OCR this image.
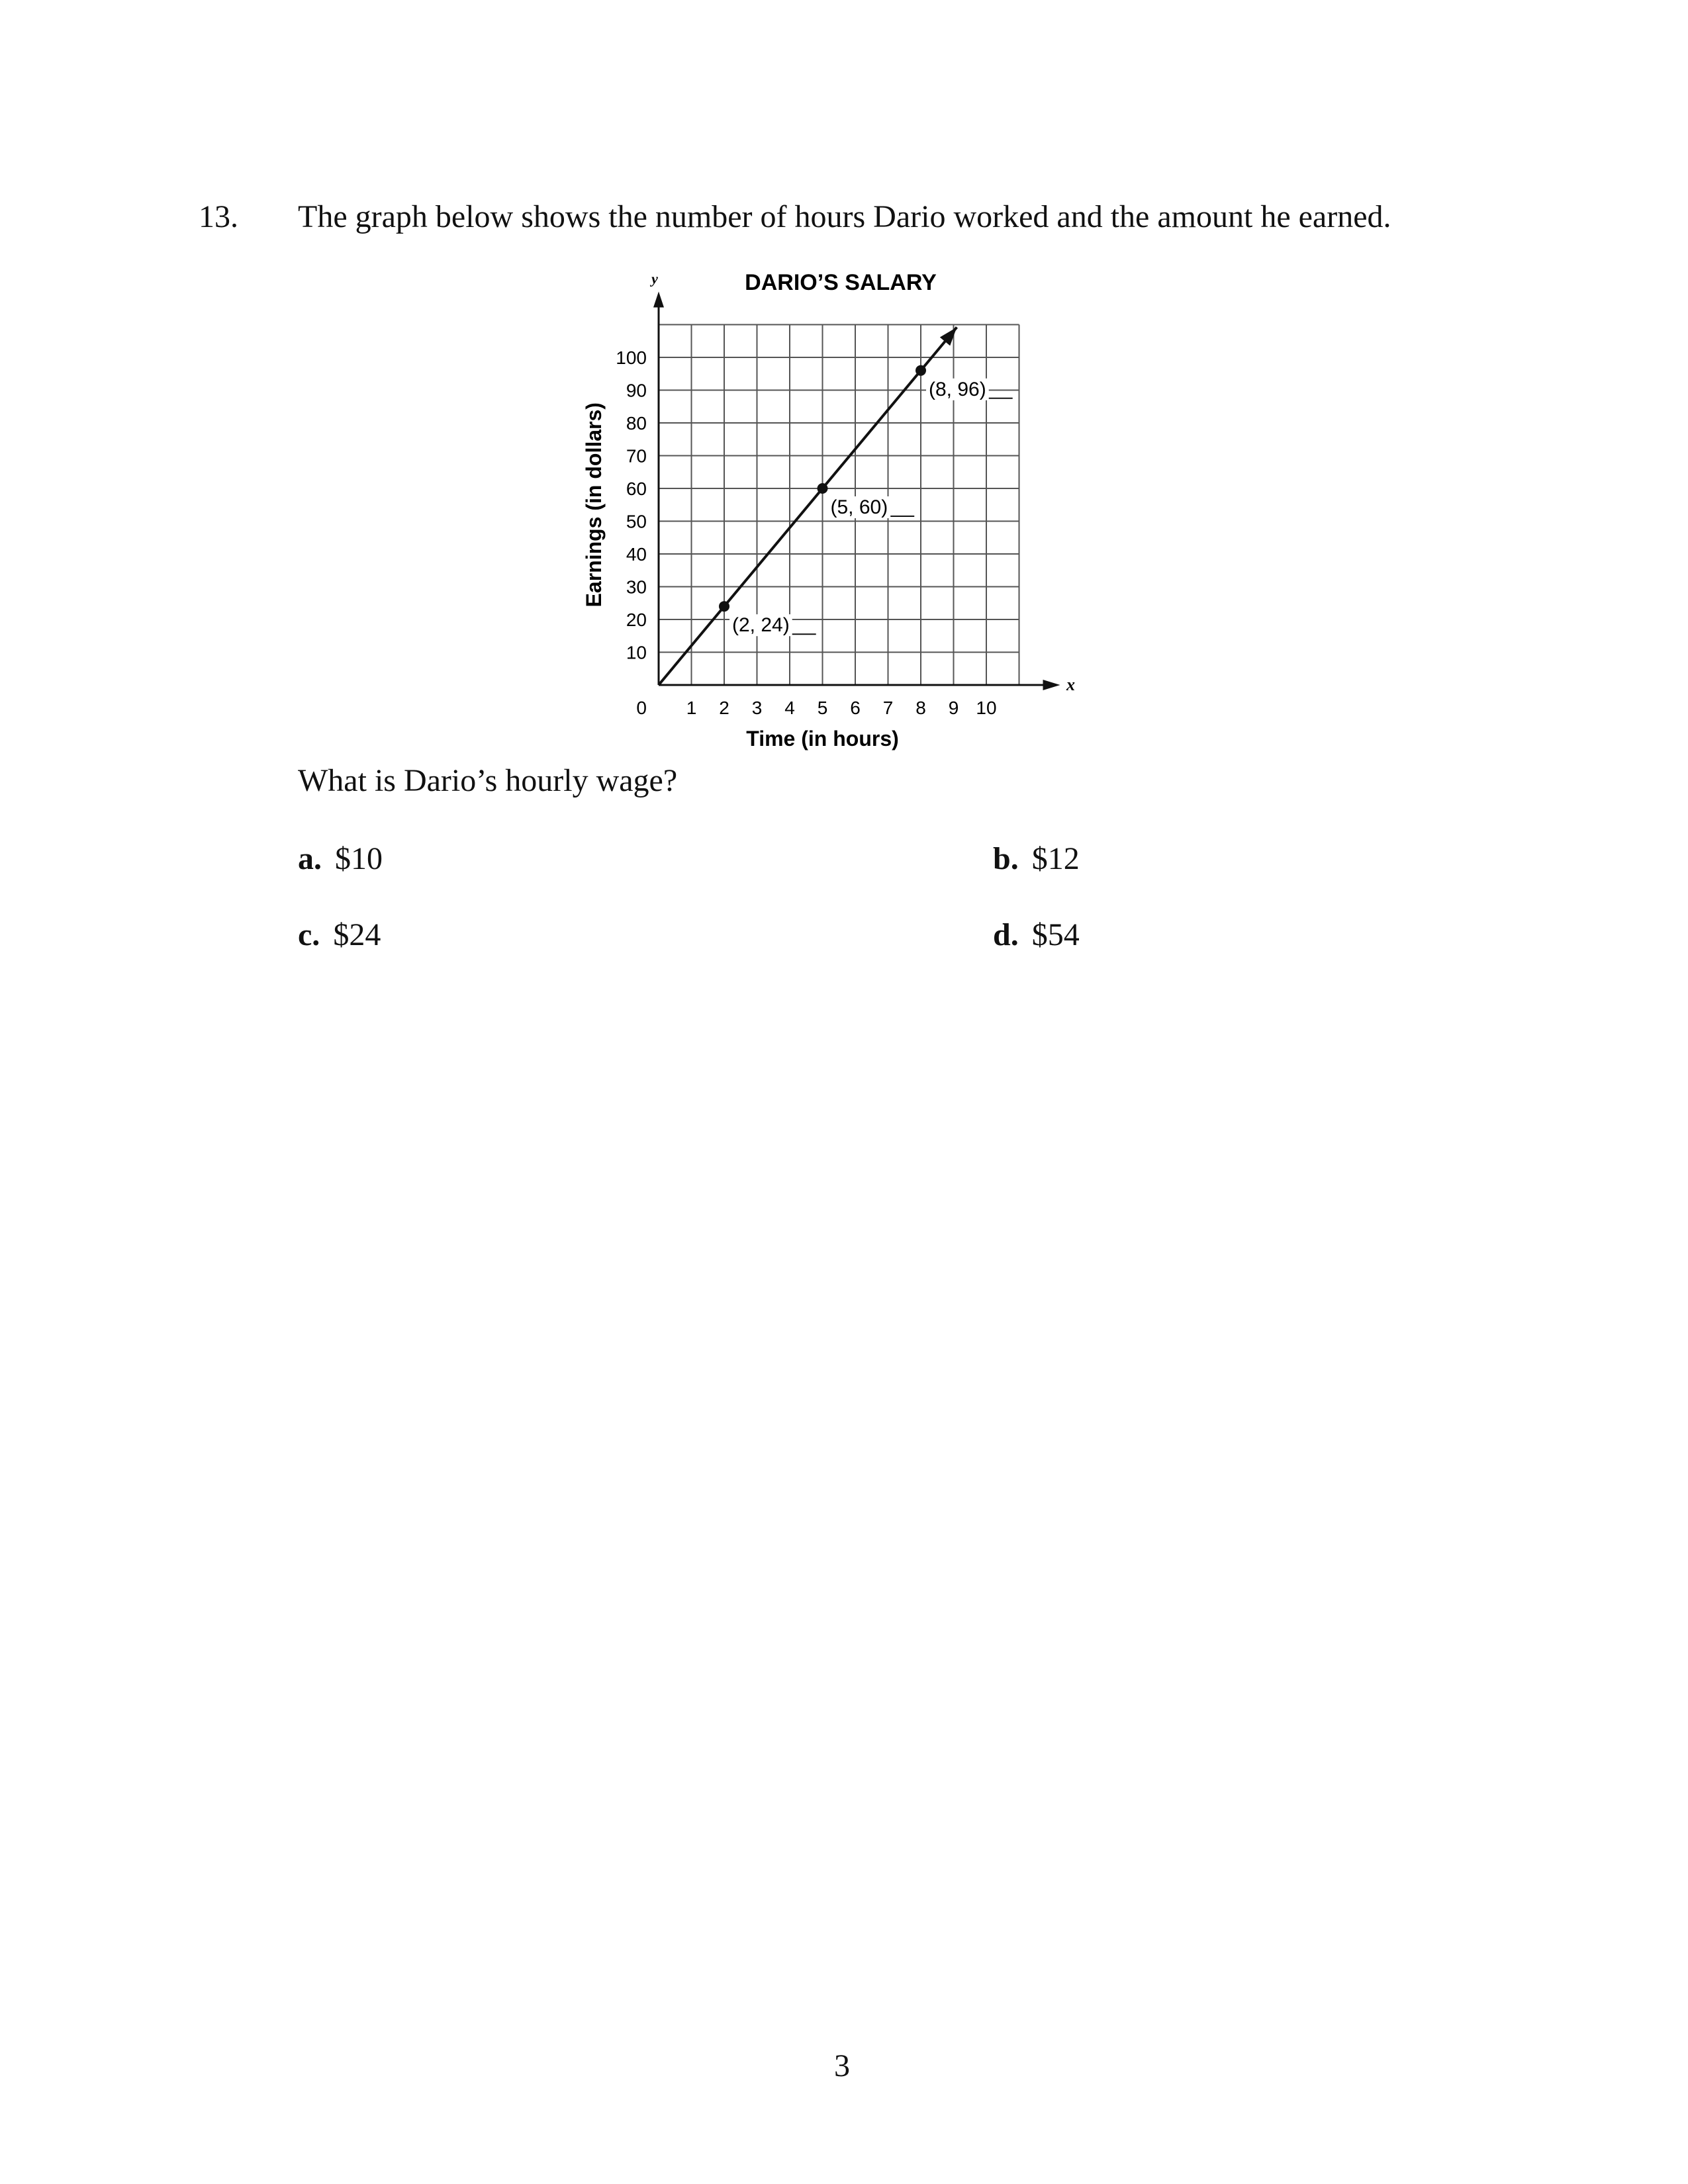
13. The graph below shows the number of hours Dario worked and the amount he earned.
y
x
DARIO’S SALARY
10
20
30
40
50
60
70
80
90
100
1 2 3 4 5 6 7 8 9 10
0
Time (in hours)
Earnings (in dollars)
(2, 24)
(5, 60)
(8, 96)
What is Dario’s hourly wage?
a. $10	b. $12
c. $24	d. $54
3
